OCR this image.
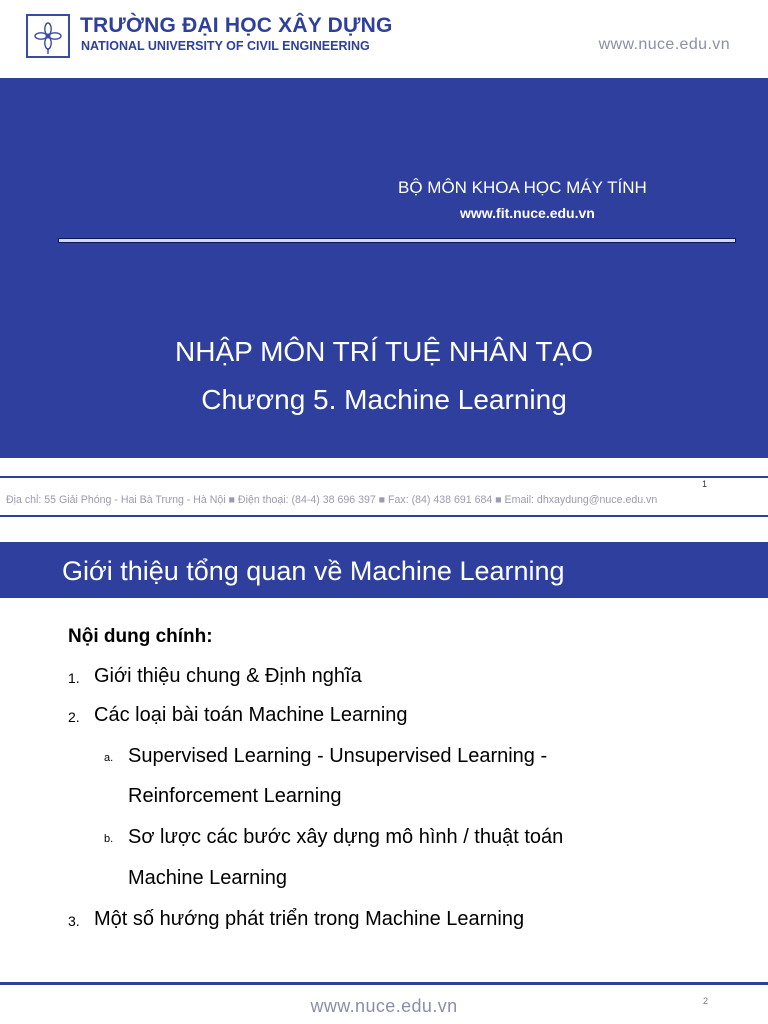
TRƯỜNG ĐẠI HỌC XÂY DỰNG

NATIONAL UNIVERSITY OF CIVIL ENGINEERING	www.nuce.edu.vn

BỘ MÔN KHOA HỌC MÁY TÍNH

www.fit.nuce.edu.vn
NHẬP MÔN TRÍ TUỆ NHÂN TẠO
Chương 5. Machine Learning
1
Địa chỉ: 55 Giải Phóng - Hai Bà Trưng - Hà Nội ■ Điện thoại: (84-4) 38 696 397 ■ Fax: (84) 438 691 684 ■ Email: dhxaydung@nuce.edu.vn
Giới thiệu tổng quan về Machine Learning

Nội dung chính:

1. Giới thiệu chung & Định nghĩa
2. Các loại bài toán Machine Learning
a. Supervised Learning - Unsupervised Learning -
Reinforcement Learning
b. Sơ lược các bước xây dựng mô hình / thuật toán
Machine Learning
3. Một số hướng phát triển trong Machine Learning
www.nuce.edu.vn	2
